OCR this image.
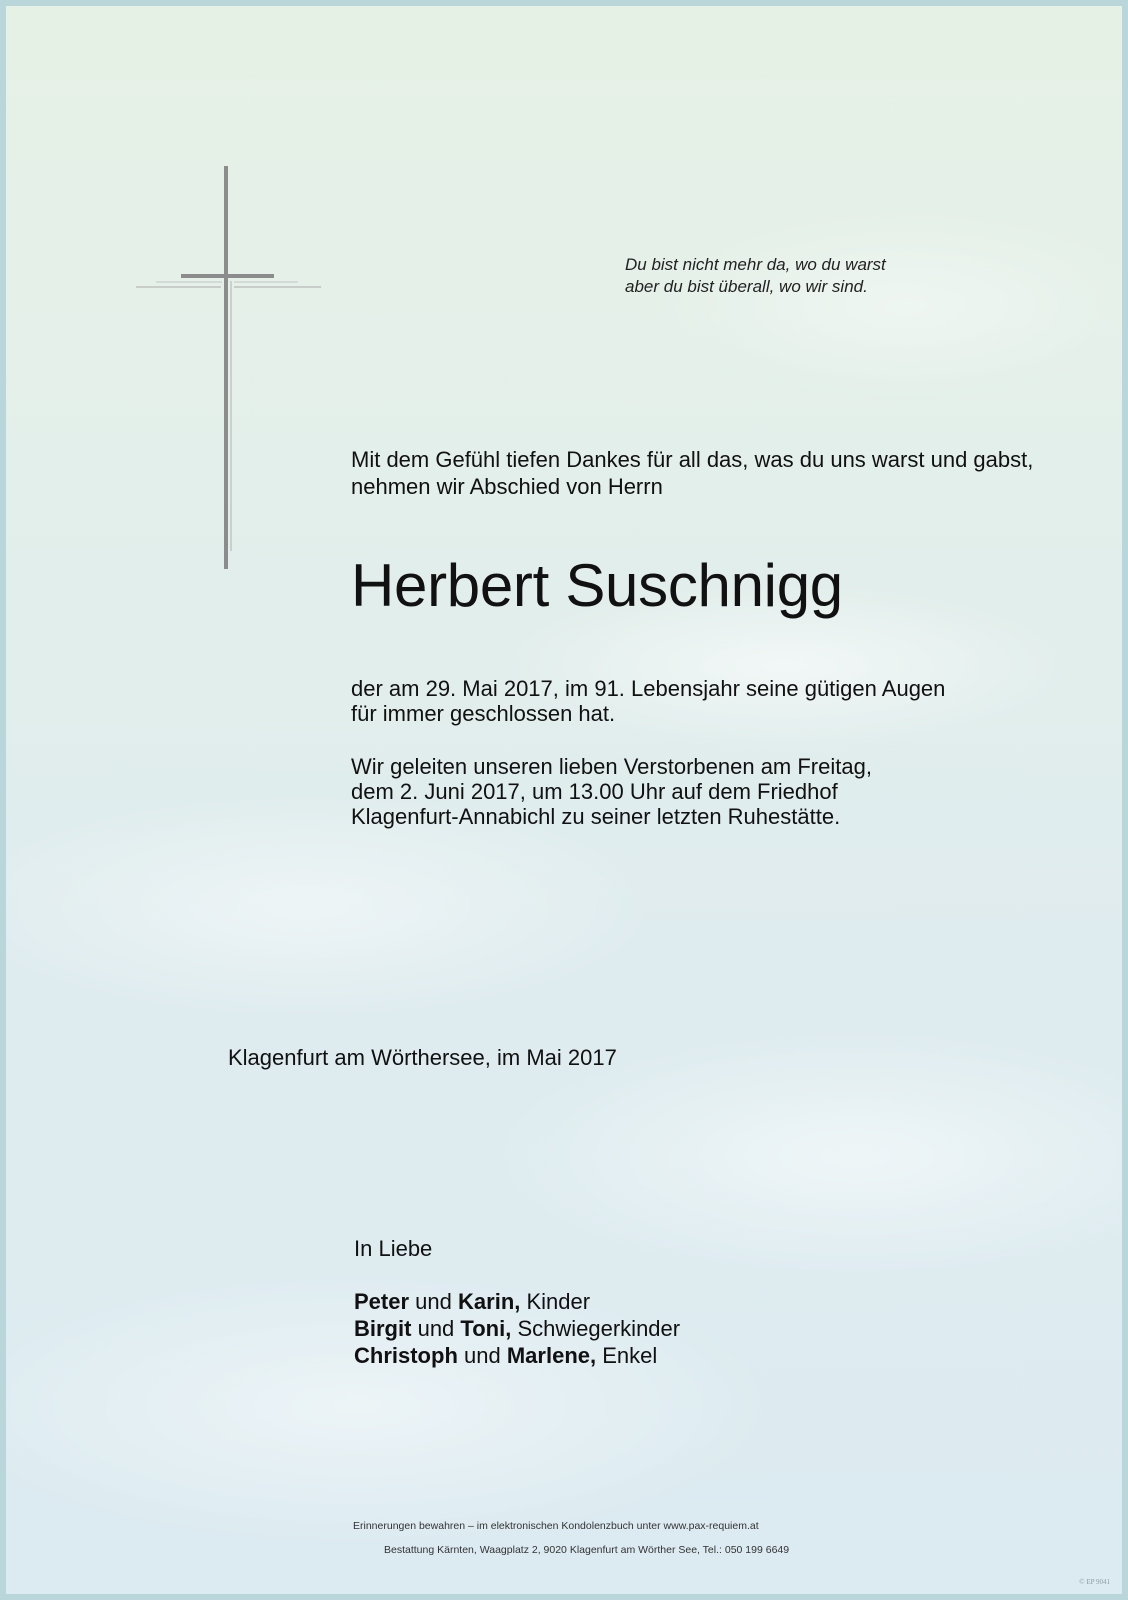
Du bist nicht mehr da, wo du warst
aber du bist überall, wo wir sind.
Mit dem Gefühl tiefen Dankes für all das, was du uns warst und gabst, nehmen wir Abschied von Herrn
Herbert Suschnigg
der am 29. Mai 2017, im 91. Lebensjahr seine gütigen Augen
für immer geschlossen hat.
Wir geleiten unseren lieben Verstorbenen am Freitag,
dem 2. Juni 2017, um 13.00 Uhr auf dem Friedhof
Klagenfurt-Annabichl zu seiner letzten Ruhestätte.
Klagenfurt am Wörthersee, im Mai 2017
In Liebe
Peter und Karin, Kinder
Birgit und Toni, Schwiegerkinder
Christoph und Marlene, Enkel
Erinnerungen bewahren – im elektronischen Kondolenzbuch unter www.pax-requiem.at
Bestattung Kärnten, Waagplatz 2, 9020 Klagenfurt am Wörther See, Tel.: 050 199 6649
© EP 9041
